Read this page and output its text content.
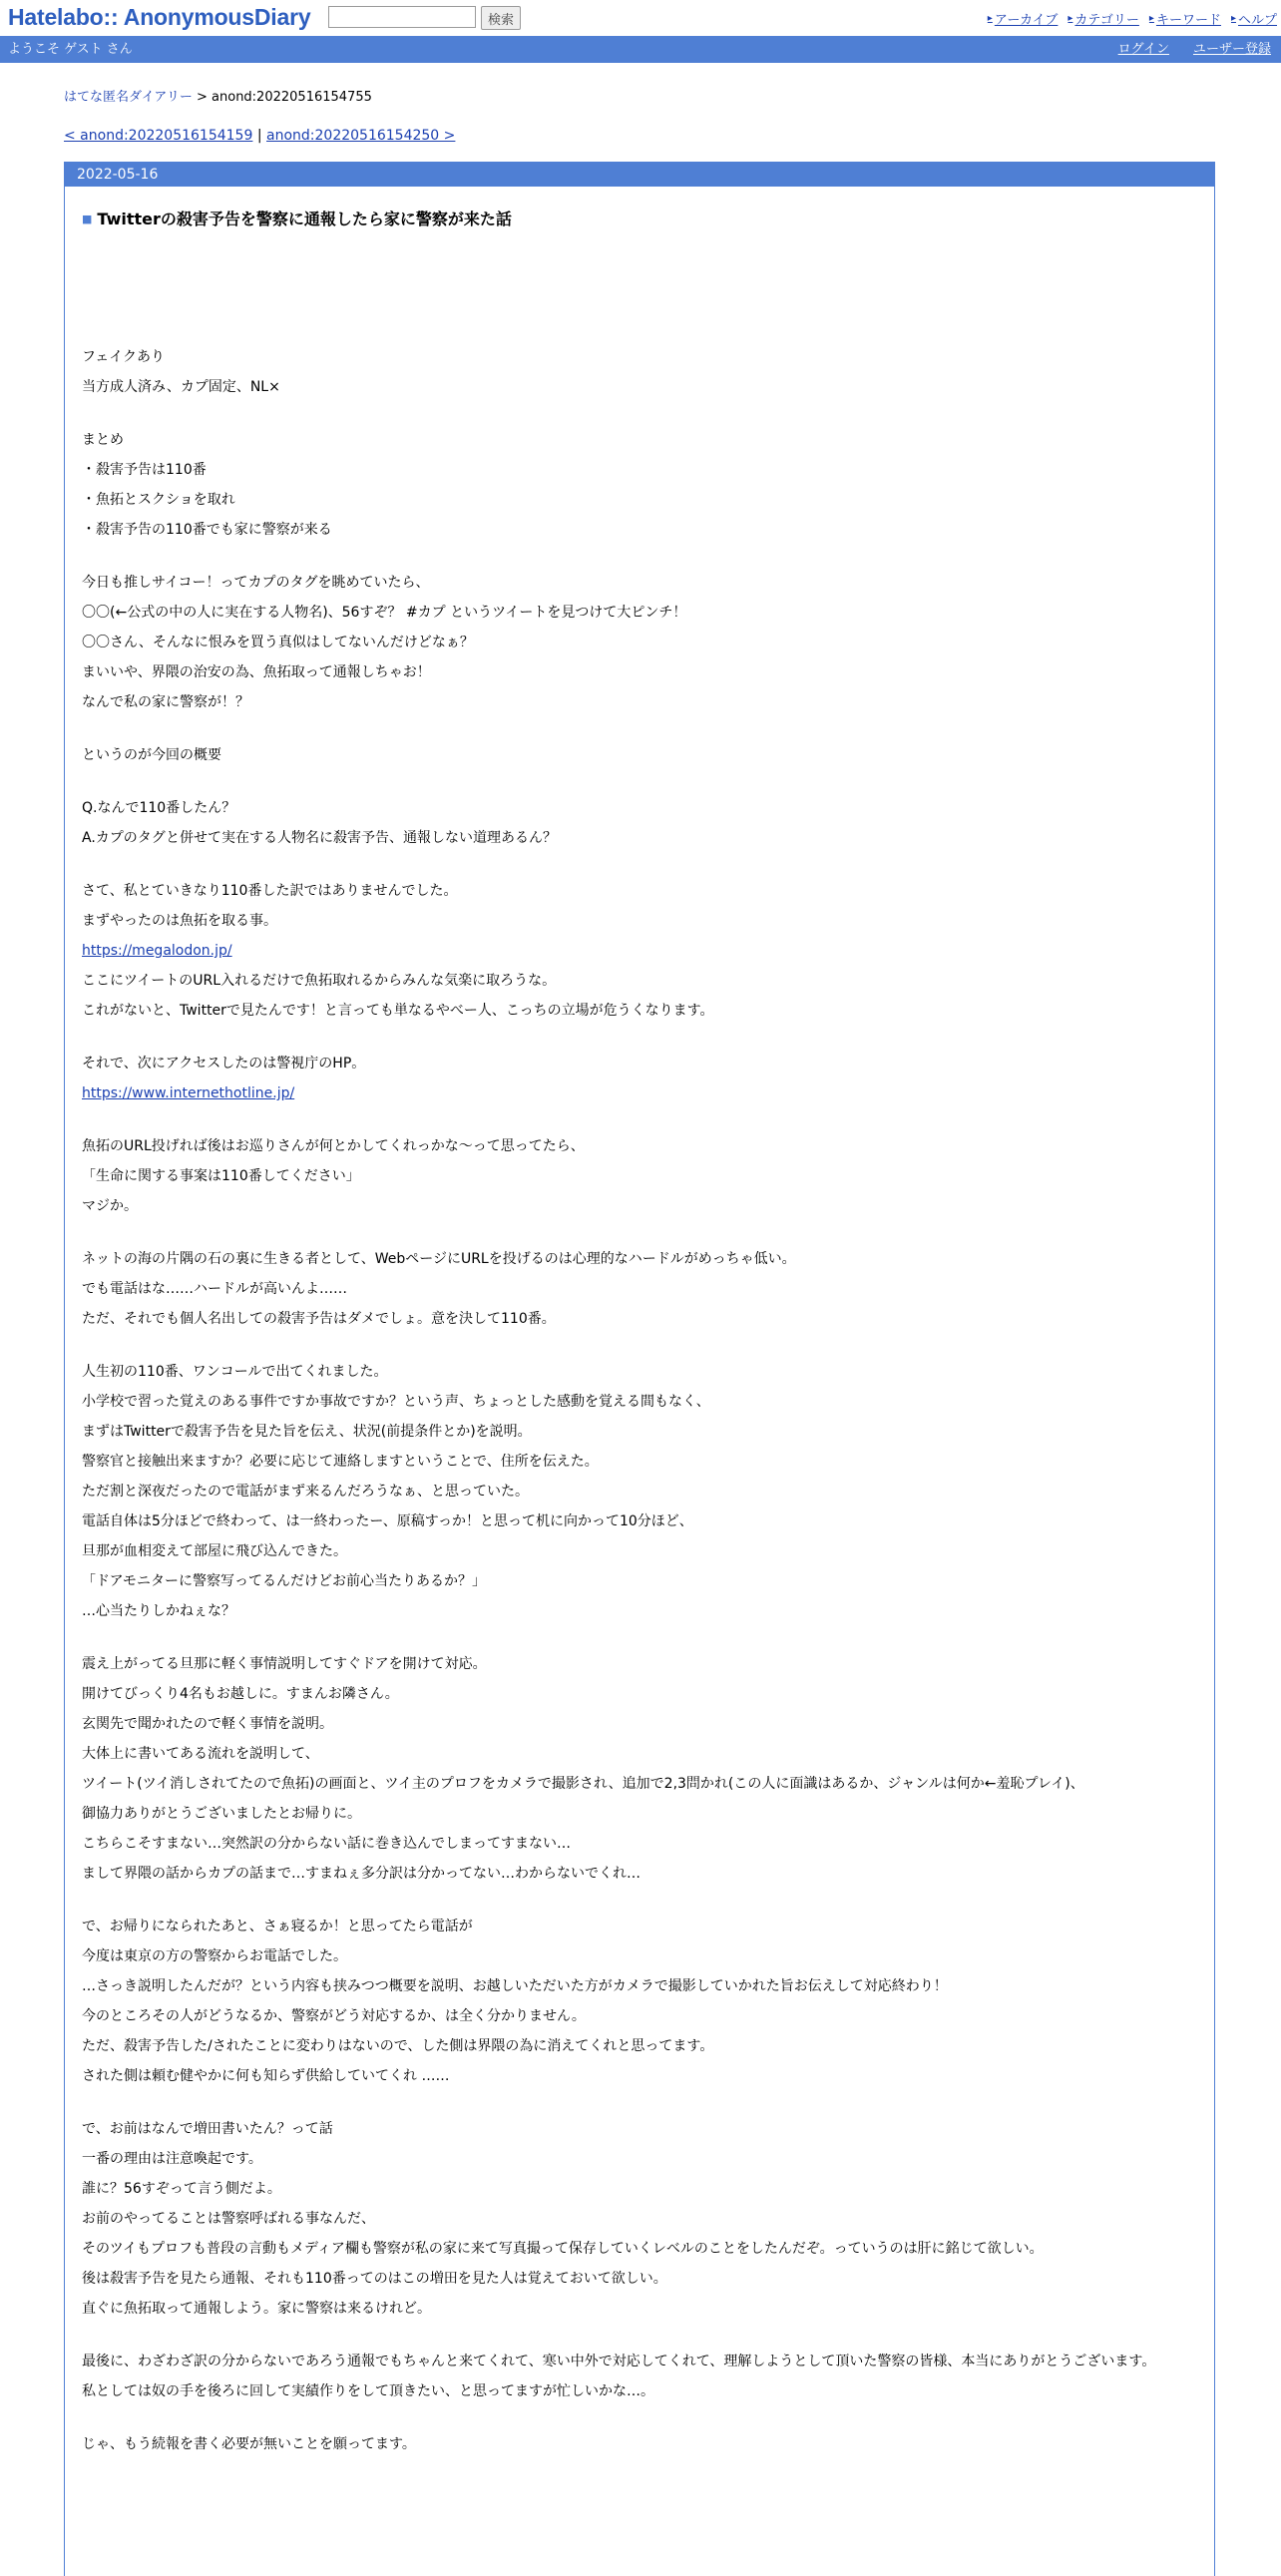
Hatelabo:: AnonymousDiary	検索	▸ アーカイブ ▸ カテゴリー ▸ キーワード ▸ ヘルプ
ようこそ ゲスト さん	ログイン ユーザー登録
はてな匿名ダイアリー > anond:20220516154755
< anond:20220516154159 | anond:20220516154250 >
2022-05-16
■ Twitterの殺害予告を警察に通報したら家に警察が来た話

フェイクあり
当方成人済み、カプ固定、NL×

まとめ
・殺害予告は110番
・魚拓とスクショを取れ
・殺害予告の110番でも家に警察が来る

今日も推しサイコー！ってカプのタグを眺めていたら、
〇〇(←公式の中の人に実在する人物名)、56すぞ？ #カプ というツイートを見つけて大ピンチ！
〇〇さん、そんなに恨みを買う真似はしてないんだけどなぁ？
まいいや、界隈の治安の為、魚拓取って通報しちゃお！
なんで私の家に警察が！？

というのが今回の概要

Q.なんで110番したん？
A.カプのタグと併せて実在する人物名に殺害予告、通報しない道理あるん？

さて、私とていきなり110番した訳ではありませんでした。
まずやったのは魚拓を取る事。
https://megalodon.jp/
ここにツイートのURL入れるだけで魚拓取れるからみんな気楽に取ろうな。
これがないと、Twitterで見たんです！と言っても単なるやべー人、こっちの立場が危うくなります。

それで、次にアクセスしたのは警視庁のHP。
https://www.internethotline.jp/

魚拓のURL投げれば後はお巡りさんが何とかしてくれっかな〜って思ってたら、
「生命に関する事案は110番してください」
マジか。

ネットの海の片隅の石の裏に生きる者として、WebページにURLを投げるのは心理的なハードルがめっちゃ低い。
でも電話はな……ハードルが高いんよ……
ただ、それでも個人名出しての殺害予告はダメでしょ。意を決して110番。

人生初の110番、ワンコールで出てくれました。
小学校で習った覚えのある事件ですか事故ですか？という声、ちょっとした感動を覚える間もなく、
まずはTwitterで殺害予告を見た旨を伝え、状況(前提条件とか)を説明。
警察官と接触出来ますか？必要に応じて連絡しますということで、住所を伝えた。
ただ割と深夜だったので電話がまず来るんだろうなぁ、と思っていた。
電話自体は5分ほどで終わって、は一終わったー、原稿すっか！と思って机に向かって10分ほど、
旦那が血相変えて部屋に飛び込んできた。
「ドアモニターに警察写ってるんだけどお前心当たりあるか？」
…心当たりしかねぇな？

震え上がってる旦那に軽く事情説明してすぐドアを開けて対応。
開けてびっくり4名もお越しに。すまんお隣さん。
玄関先で聞かれたので軽く事情を説明。
大体上に書いてある流れを説明して、
ツイート(ツイ消しされてたので魚拓)の画面と、ツイ主のプロフをカメラで撮影され、追加で2,3問かれ(この人に面識はあるか、ジャンルは何か←羞恥プレイ)、
御協力ありがとうございましたとお帰りに。
こちらこそすまない…突然訳の分からない話に巻き込んでしまってすまない…
まして界隈の話からカプの話まで…すまねぇ多分訳は分かってない…わからないでくれ…

で、お帰りになられたあと、さぁ寝るか！と思ってたら電話が
今度は東京の方の警察からお電話でした。
…さっき説明したんだが？という内容も挟みつつ概要を説明、お越しいただいた方がカメラで撮影していかれた旨お伝えして対応終わり！
今のところその人がどうなるか、警察がどう対応するか、は全く分かりません。
ただ、殺害予告した/されたことに変わりはないので、した側は界隈の為に消えてくれと思ってます。
された側は頼む健やかに何も知らず供給していてくれ ……

で、お前はなんで増田書いたん？って話
一番の理由は注意喚起です。
誰に？56すぞって言う側だよ。
お前のやってることは警察呼ばれる事なんだ、
そのツイもプロフも普段の言動もメディア欄も警察が私の家に来て写真撮って保存していくレベルのことをしたんだぞ。っていうのは肝に銘じて欲しい。
後は殺害予告を見たら通報、それも110番ってのはこの増田を見た人は覚えておいて欲しい。
直ぐに魚拓取って通報しよう。家に警察は来るけれど。

最後に、わざわざ訳の分からないであろう通報でもちゃんと来てくれて、寒い中外で対応してくれて、理解しようとして頂いた警察の皆様、本当にありがとうございます。
私としては奴の手を後ろに回して実績作りをして頂きたい、と思ってますが忙しいかな…。

じゃ、もう続報を書く必要が無いことを願ってます。
